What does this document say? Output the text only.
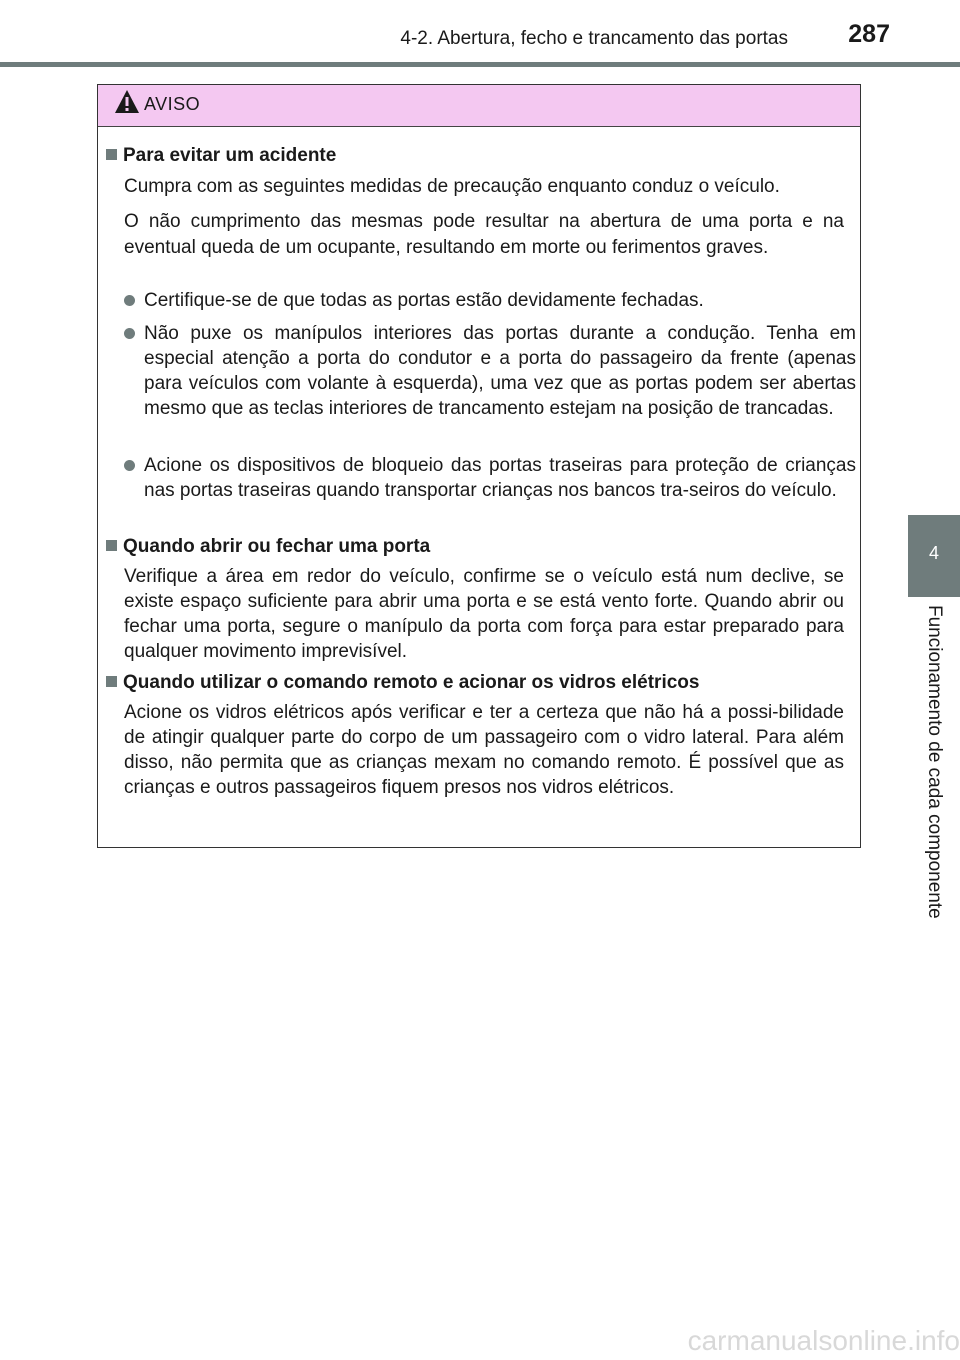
4-2. Abertura, fecho e trancamento das portas	287
4
Funcionamento de cada componente
AVISO
Para evitar um acidente
Cumpra com as seguintes medidas de precaução enquanto conduz o veículo.
O não cumprimento das mesmas pode resultar na abertura de uma porta e na eventual queda de um ocupante, resultando em morte ou ferimentos graves.
Certifique-se de que todas as portas estão devidamente fechadas.
Não puxe os manípulos interiores das portas durante a condução. Tenha em especial atenção a porta do condutor e a porta do passageiro da frente (apenas para veículos com volante à esquerda), uma vez que as portas podem ser abertas mesmo que as teclas interiores de trancamento estejam na posição de trancadas.
Acione os dispositivos de bloqueio das portas traseiras para proteção de crianças nas portas traseiras quando transportar crianças nos bancos tra-seiros do veículo.
Quando abrir ou fechar uma porta
Verifique a área em redor do veículo, confirme se o veículo está num declive, se existe espaço suficiente para abrir uma porta e se está vento forte. Quando abrir ou fechar uma porta, segure o manípulo da porta com força para estar preparado para qualquer movimento imprevisível.
Quando utilizar o comando remoto e acionar os vidros elétricos
Acione os vidros elétricos após verificar e ter a certeza que não há a possi-bilidade de atingir qualquer parte do corpo de um passageiro com o vidro lateral. Para além disso, não permita que as crianças mexam no comando remoto. É possível que as crianças e outros passageiros fiquem presos nos vidros elétricos.
carmanualsonline.info
